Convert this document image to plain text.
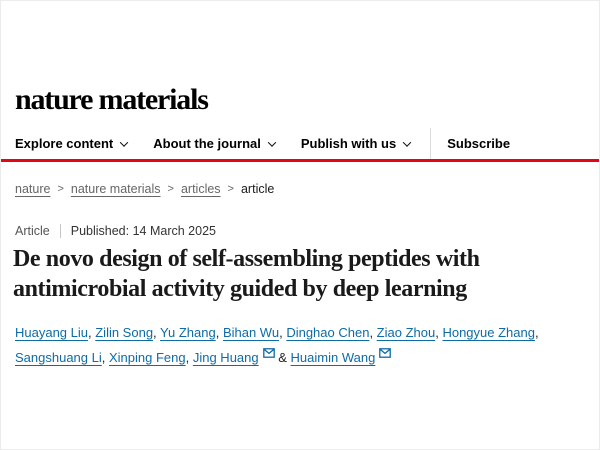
nature materials
Explore content	About the journal	Publish with us	Subscribe
nature > nature materials > articles > article
Article Published: 14 March 2025
De novo design of self-assembling peptides with antimicrobial activity guided by deep learning

Huayang Liu, Zilin Song, Yu Zhang, Bihan Wu, Dinghao Chen, Ziao Zhou, Hongyue Zhang, Sangshuang Li, Xinping Feng, Jing Huang & Huaimin Wang
